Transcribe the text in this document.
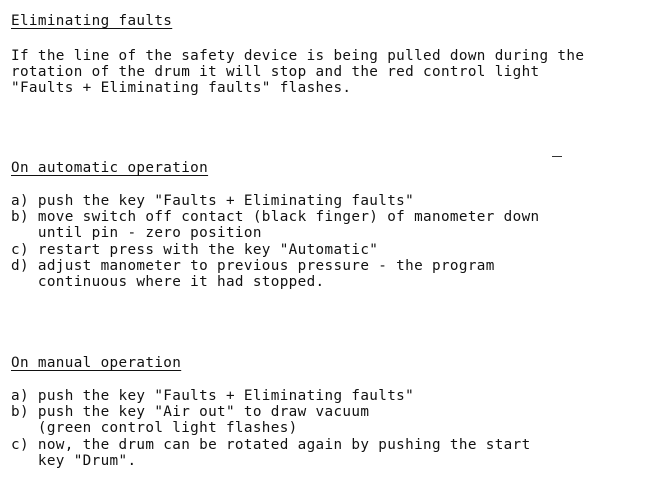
Eliminating faults
If the line of the safety device is being pulled down during the
rotation of the drum it will stop and the red control light
"Faults + Eliminating faults" flashes.
On automatic operation
a) push the key "Faults + Eliminating faults"
b) move switch off contact (black finger) of manometer down
until pin - zero position
c) restart press with the key "Automatic"
d) adjust manometer to previous pressure - the program
continuous where it had stopped.
On manual operation
a) push the key "Faults + Eliminating faults"
b) push the key "Air out" to draw vacuum
(green control light flashes)
c) now, the drum can be rotated again by pushing the start
key "Drum".
